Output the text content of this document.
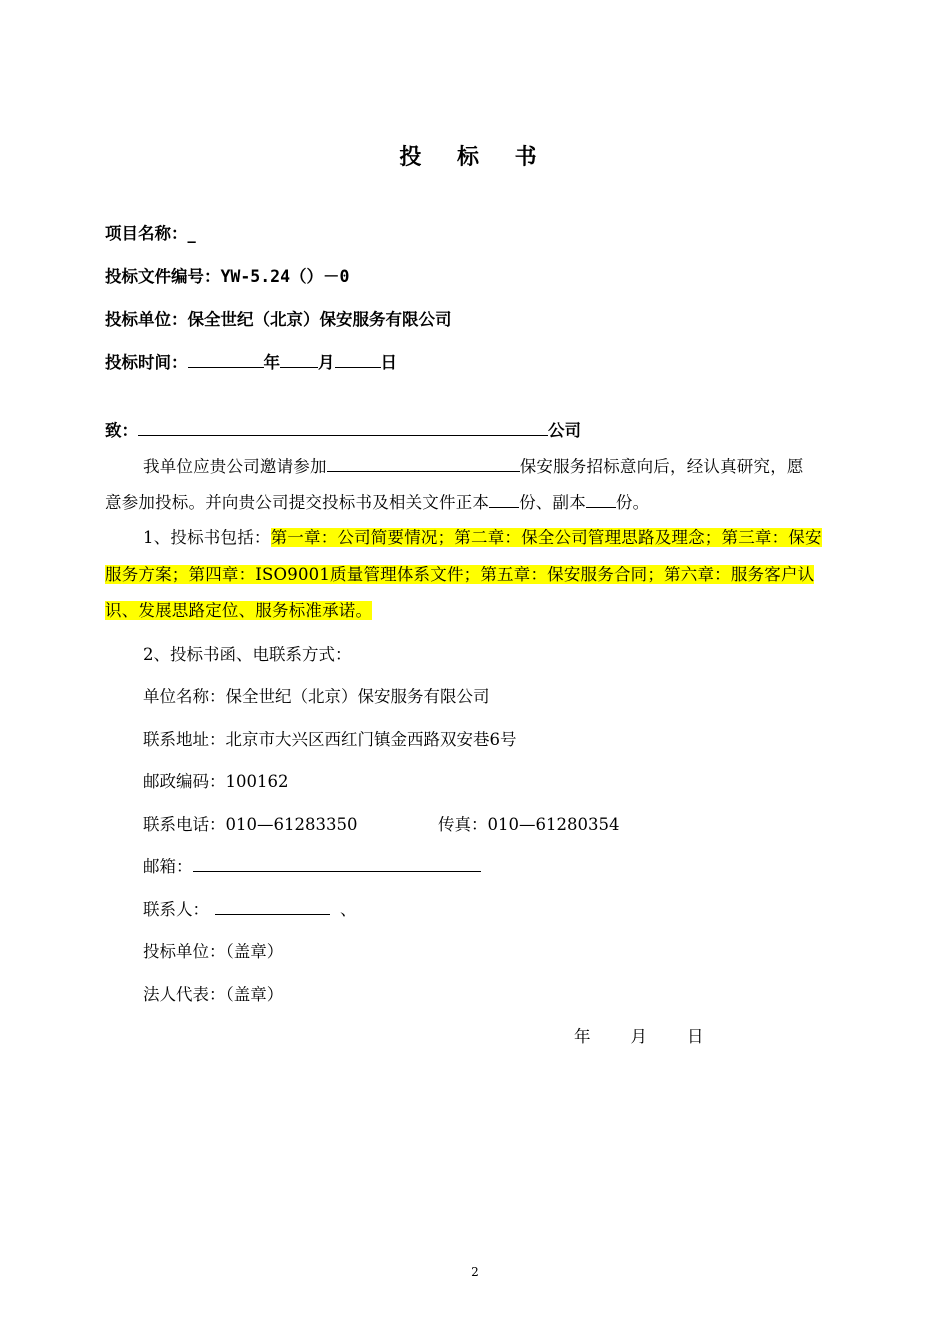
投 标 书
项目名称：_
投标文件编号：YW-5.24（）－0
投标单位：保全世纪（北京）保安服务有限公司
投标时间：	年 月	日
致：	公司
我单位应贵公司邀请参加	保安服务招标意向后，经认真研究，愿
意参加投标。并向贵公司提交投标书及相关文件正本 份、副本 份。
1、投标书包括：第一章：公司简要情况；第二章：保全公司管理思路及理念；第三章：保安
服务方案；第四章：ISO9001质量管理体系文件；第五章：保安服务合同；第六章：服务客户认
识、发展思路定位、服务标准承诺。
2、投标书函、电联系方式：
单位名称：保全世纪（北京）保安服务有限公司
联系地址：北京市大兴区西红门镇金西路双安巷6号
邮政编码：100162
联系电话：010—61283350	传真：010—61280354
邮箱：
联系人：	、
投标单位：（盖章）
法人代表：（盖章）
年 月 日
2
